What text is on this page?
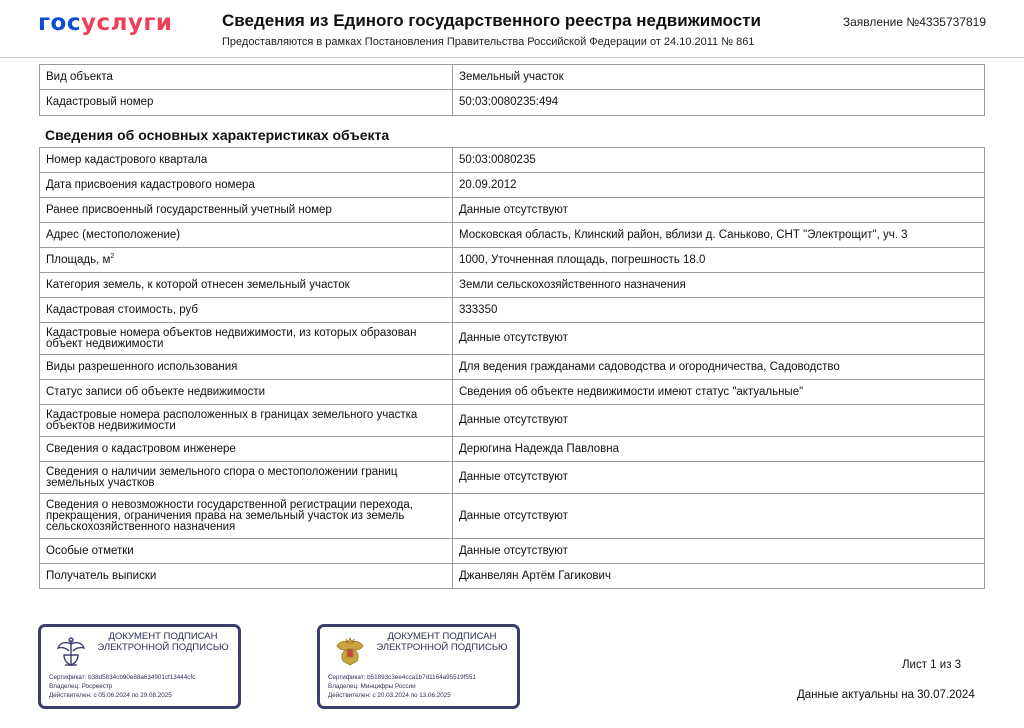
госуслуги	Сведения из Единого государственного реестра недвижимости
Предоставляются в рамках Постановления Правительства Российской Федерации от 24.10.2011 № 861
Заявление №4335737819
Вид объекта	Земельный участок
Кадастровый номер	50:03:0080235:494
Сведения об основных характеристиках объекта
Номер кадастрового квартала	50:03:0080235
Дата присвоения кадастрового номера	20.09.2012
Ранее присвоенный государственный учетный номер	Данные отсутствуют
Адрес (местоположение)	Московская область, Клинский район, вблизи д. Саньково, СНТ "Электрощит", уч. 3
Площадь, $м^2$	1000, Уточненная площадь, погрешность 18.0
Категория земель, к которой отнесен земельный участок	Земли сельскохозяйственного назначения
Кадастровая стоимость, руб	333350
Кадастровые номера объектов недвижимости, из которых образован объект недвижимости	Данные отсутствуют
Виды разрешенного использования	Для ведения гражданами садоводства и огородничества, Садоводство
Статус записи об объекте недвижимости	Сведения об объекте недвижимости имеют статус "актуальные"
Кадастровые номера расположенных в границах земельного участка объектов недвижимости	Данные отсутствуют
Сведения о кадастровом инженере	Дерюгина Надежда Павловна
Сведения о наличии земельного спора о местоположении границ земельных участков	Данные отсутствуют
Сведения о невозможности государственной регистрации перехода, прекращения, ограничения права на земельный участок из земель сельскохозяйственного назначения	Данные отсутствуют
Особые отметки	Данные отсутствуют
Получатель выписки	Джанвелян Артём Гагикович
ДОКУМЕНТ ПОДПИСАН ЭЛЕКТРОННОЙ ПОДПИСЬЮ
Сертификат: b38d5834cb90e88a634901cf13444cfc
Владелец: Росреестр
Действителен: с 05.06.2024 по 29.08.2025
ДОКУМЕНТ ПОДПИСАН ЭЛЕКТРОННОЙ ПОДПИСЬЮ
Сертификат: b51893c3ee4cca1b7d1164a95519f551
Владелец: Минцифры России
Действителен: с 20.03.2024 по 13.06.2025
Лист 1 из 3
Данные актуальны на 30.07.2024
